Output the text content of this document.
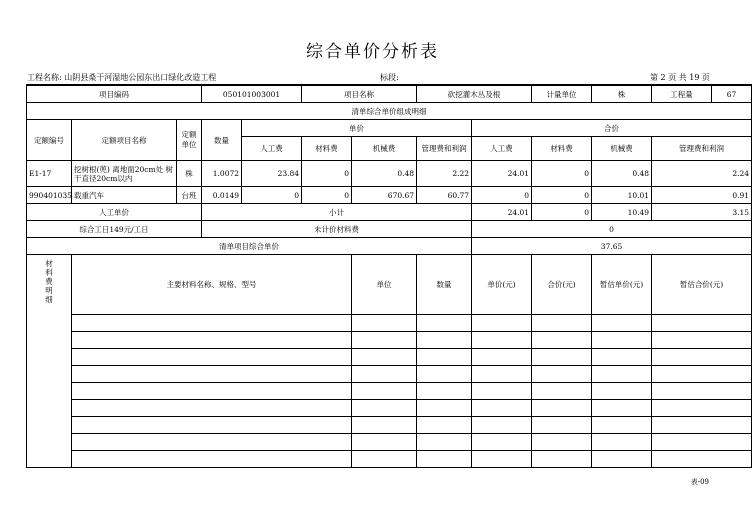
综合单价分析表
工程名称: 山阴县桑干河湿地公园东出口绿化改造工程	标段:	第 2 页 共 19 页
项目编码			050101003001		项目名称		砍挖灌木丛及根		计量单位	株	工程量	67
清单综合单价组成明细												
定额编号	定额项目名称	定额单位	数量	单价				合价				
				人工费	材料费	机械费	管理费和利润	人工费	材料费	机械费	管理费和利润	
E1-17	挖树根(蔸) 离地面20cm处 树干直径20cm以内	株	1.0072	23.84	0	0.48	2.22	24.01	0	0.48	2.24	
990401035	载重汽车	台班	0.0149	0	0	670.67	60.77	0	0	10.01	0.91	
人工单价			小计					24.01	0	10.49	3.15	
综合工日149元/工日			未计价材料费					0				
清单项目综合单价								37.65				
材料费明细	主要材料名称、规格、型号					单位	数量	单价(元)	合价(元)	暂估单价(元)	暂估合价(元)	

表-09
